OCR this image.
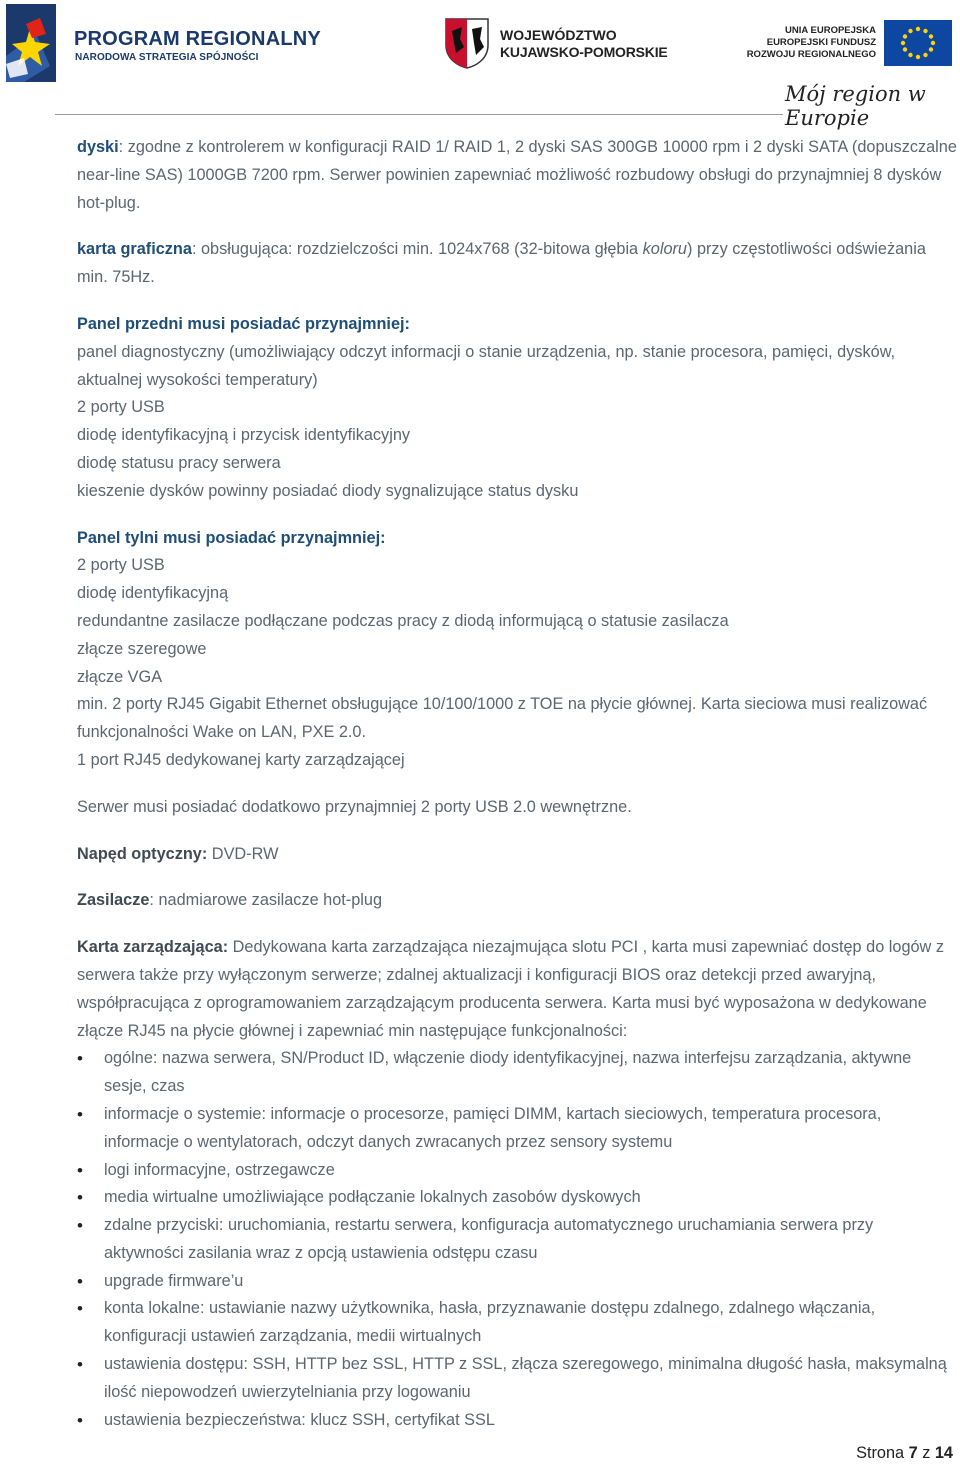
PROGRAM REGIONALNY
NARODOWA STRATEGIA SPÓJNOŚCI
WOJEWÓDZTWO
KUJAWSKO-POMORSKIE
UNIA EUROPEJSKA
EUROPEJSKI FUNDUSZ
ROZWOJU REGIONALNEGO
Mój region w Europie

dyski: zgodne z kontrolerem w konfiguracji RAID 1/ RAID 1, 2 dyski SAS 300GB 10000 rpm i 2 dyski SATA (dopuszczalne near-line SAS) 1000GB 7200 rpm. Serwer powinien zapewniać możliwość rozbudowy obsługi do przynajmniej 8 dysków hot-plug.

karta graficzna: obsługująca: rozdzielczości min. 1024x768 (32-bitowa głębia koloru) przy częstotliwości odświeżania min. 75Hz.

Panel przedni musi posiadać przynajmniej:

panel diagnostyczny (umożliwiający odczyt informacji o stanie urządzenia, np. stanie procesora, pamięci, dysków, aktualnej wysokości temperatury)

2 porty USB

diodę identyfikacyjną i przycisk identyfikacyjny

diodę statusu pracy serwera

kieszenie dysków powinny posiadać diody sygnalizujące status dysku

Panel tylni musi posiadać przynajmniej:

2 porty USB

diodę identyfikacyjną

redundantne zasilacze podłączane podczas pracy z diodą informującą o statusie zasilacza

złącze szeregowe

złącze VGA

min. 2 porty RJ45 Gigabit Ethernet obsługujące 10/100/1000 z TOE na płycie głównej. Karta sieciowa musi realizować funkcjonalności Wake on LAN, PXE 2.0.

1 port RJ45 dedykowanej karty zarządzającej

Serwer musi posiadać dodatkowo przynajmniej 2 porty USB 2.0 wewnętrzne.

Napęd optyczny: DVD-RW

Zasilacze: nadmiarowe zasilacze hot-plug

Karta zarządzająca: Dedykowana karta zarządzająca niezajmująca slotu PCI , karta musi zapewniać dostęp do logów z serwera także przy wyłączonym serwerze; zdalnej aktualizacji i konfiguracji BIOS oraz detekcji przed awaryjną, współpracująca z oprogramowaniem zarządzającym producenta serwera. Karta musi być wyposażona w dedykowane złącze RJ45 na płycie głównej i zapewniać min następujące funkcjonalności:

• ogólne: nazwa serwera, SN/Product ID, włączenie diody identyfikacyjnej, nazwa interfejsu zarządzania, aktywne sesje, czas
• informacje o systemie: informacje o procesorze, pamięci DIMM, kartach sieciowych, temperatura procesora, informacje o wentylatorach, odczyt danych zwracanych przez sensory systemu
• logi informacyjne, ostrzegawcze
• media wirtualne umożliwiające podłączanie lokalnych zasobów dyskowych
• zdalne przyciski: uruchomiania, restartu serwera, konfiguracja automatycznego uruchamiania serwera przy aktywności zasilania wraz z opcją ustawienia odstępu czasu
• upgrade firmware’u
• konta lokalne: ustawianie nazwy użytkownika, hasła, przyznawanie dostępu zdalnego, zdalnego włączania, konfiguracji ustawień zarządzania, medii wirtualnych
• ustawienia dostępu: SSH, HTTP bez SSL, HTTP z SSL, złącza szeregowego, minimalna długość hasła, maksymalną ilość niepowodzeń uwierzytelniania przy logowaniu
• ustawienia bezpieczeństwa: klucz SSH, certyfikat SSL
Strona 7 z 14
